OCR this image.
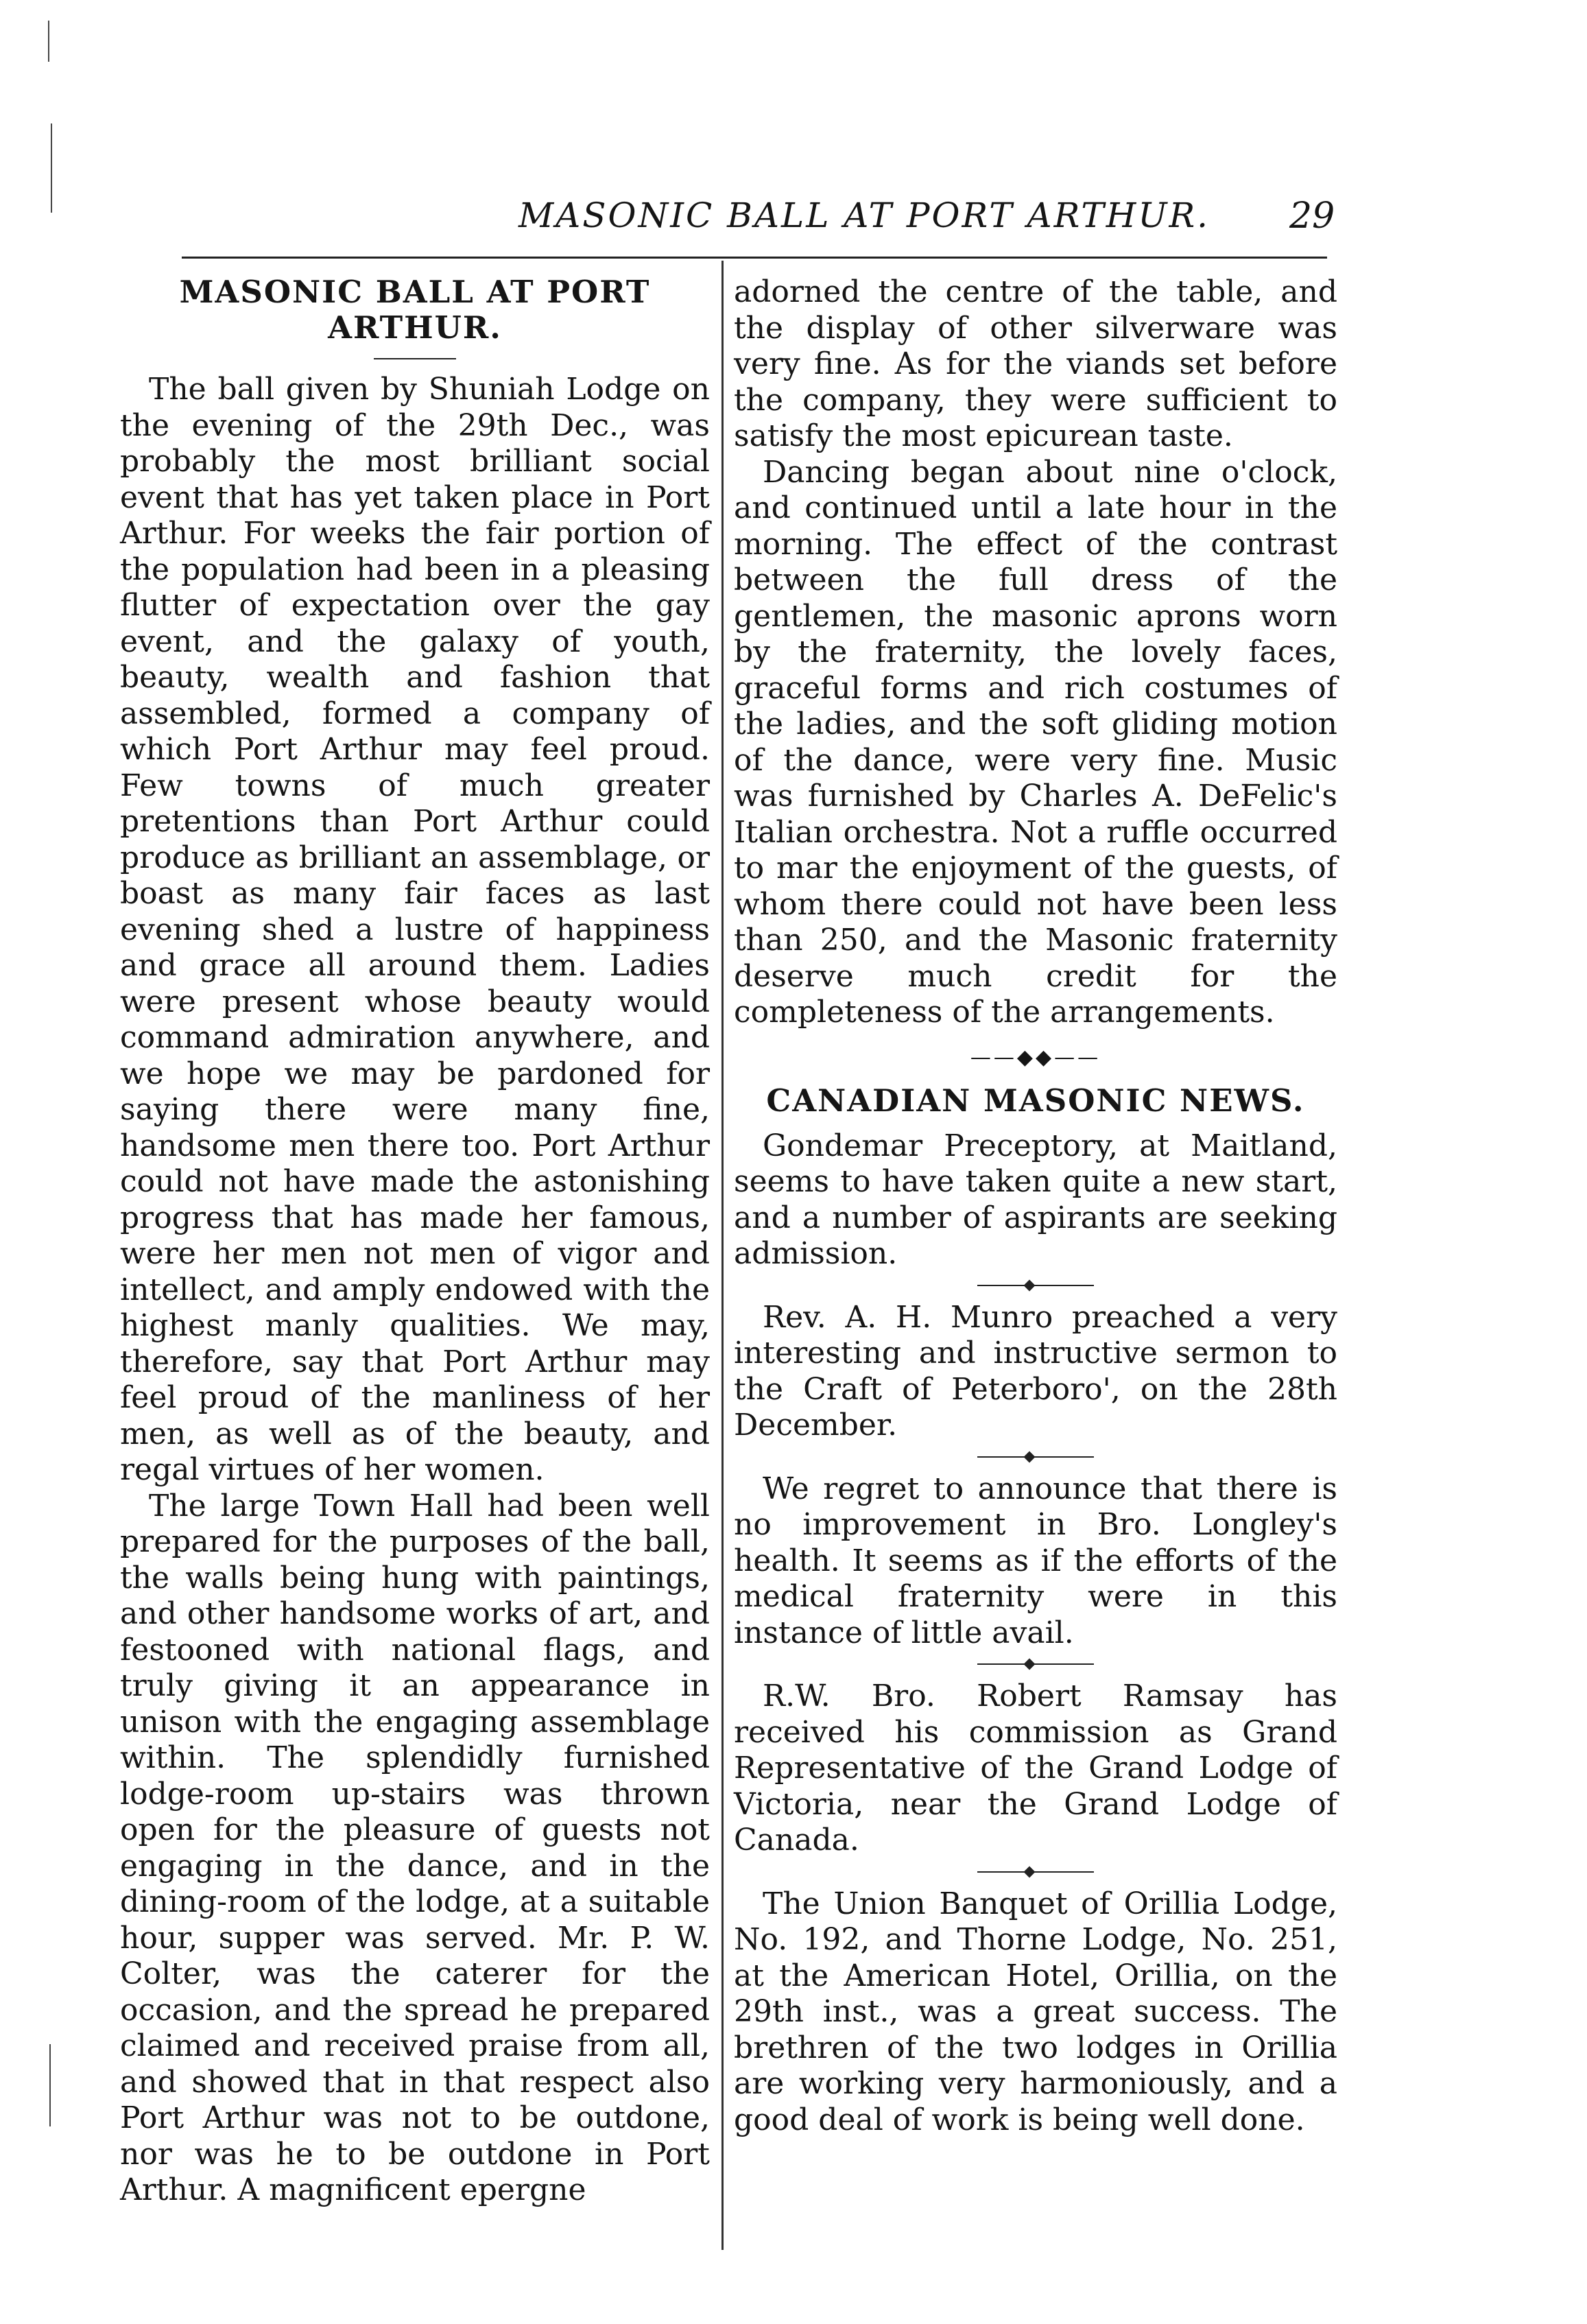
MASONIC BALL AT PORT ARTHUR.	29
MASONIC BALL AT PORT ARTHUR.

The ball given by Shuniah Lodge on the evening of the 29th Dec., was probably the most brilliant social event that has yet taken place in Port Arthur. For weeks the fair portion of the population had been in a pleasing flutter of expectation over the gay event, and the galaxy of youth, beauty, wealth and fashion that assembled, formed a company of which Port Arthur may feel proud. Few towns of much greater pretentions than Port Arthur could produce as brilliant an assemblage, or boast as many fair faces as last evening shed a lustre of happiness and grace all around them. Ladies were present whose beauty would command admiration anywhere, and we hope we may be pardoned for saying there were many fine, handsome men there too. Port Arthur could not have made the astonishing progress that has made her famous, were her men not men of vigor and intellect, and amply endowed with the highest manly qualities. We may, therefore, say that Port Arthur may feel proud of the manliness of her men, as well as of the beauty, and regal virtues of her women.

The large Town Hall had been well prepared for the purposes of the ball, the walls being hung with paintings, and other handsome works of art, and festooned with national flags, and truly giving it an appearance in unison with the engaging assemblage within. The splendidly furnished lodge-room up-stairs was thrown open for the pleasure of guests not engaging in the dance, and in the dining-room of the lodge, at a suitable hour, supper was served. Mr. P. W. Colter, was the caterer for the occasion, and the spread he prepared claimed and received praise from all, and showed that in that respect also Port Arthur was not to be outdone, nor was he to be outdone in Port Arthur. A magnificent epergne

adorned the centre of the table, and the display of other silverware was very fine. As for the viands set before the company, they were sufficient to satisfy the most epicurean taste.

Dancing began about nine o'clock, and continued until a late hour in the morning. The effect of the contrast between the full dress of the gentlemen, the masonic aprons worn by the fraternity, the lovely faces, graceful forms and rich costumes of the ladies, and the soft gliding motion of the dance, were very fine. Music was furnished by Charles A. DeFelic's Italian orchestra. Not a ruffle occurred to mar the enjoyment of the guests, of whom there could not have been less than 250, and the Masonic fraternity deserve much credit for the completeness of the arrangements.

——◆◆——
CANADIAN MASONIC NEWS.

Gondemar Preceptory, at Maitland, seems to have taken quite a new start, and a number of aspirants are seeking admission.

Rev. A. H. Munro preached a very interesting and instructive sermon to the Craft of Peterboro', on the 28th December.

We regret to announce that there is no improvement in Bro. Longley's health. It seems as if the efforts of the medical fraternity were in this instance of little avail.

R.W. Bro. Robert Ramsay has received his commission as Grand Representative of the Grand Lodge of Victoria, near the Grand Lodge of Canada.

The Union Banquet of Orillia Lodge, No. 192, and Thorne Lodge, No. 251, at the American Hotel, Orillia, on the 29th inst., was a great success. The brethren of the two lodges in Orillia are working very harmoniously, and a good deal of work is being well done.
